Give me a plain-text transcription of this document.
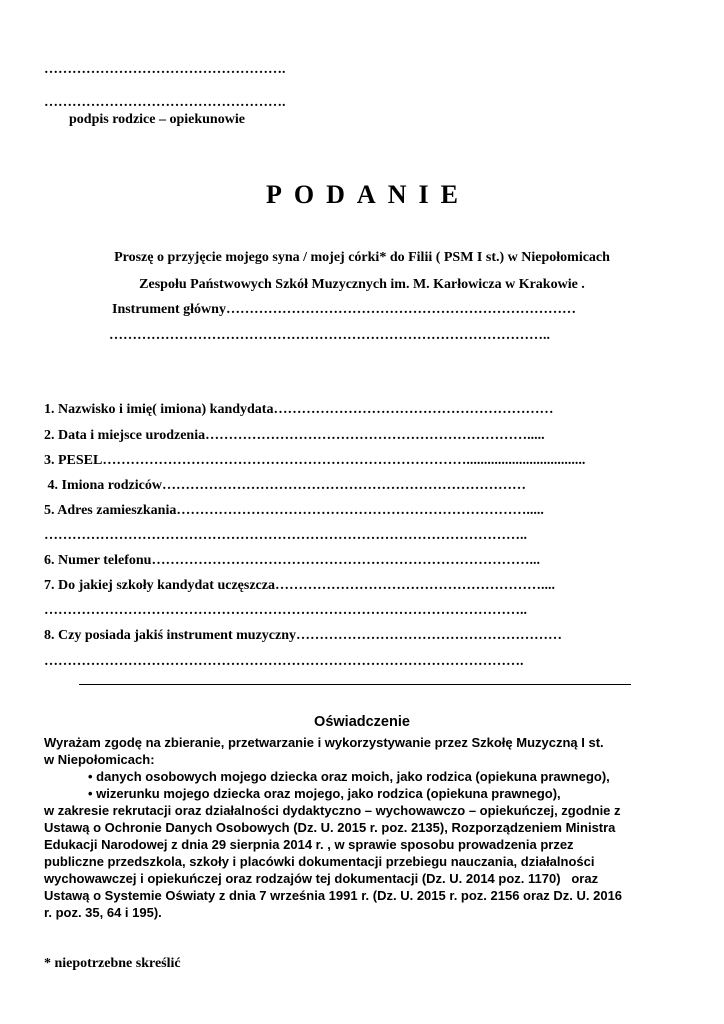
…………………………………………….
…………………………………………….
podpis rodzice – opiekunowie
PODANIE
Proszę o przyjęcie mojego syna / mojej córki* do Filii ( PSM I st.) w Niepołomicach
Zespołu Państwowych Szkół Muzycznych im. M. Karłowicza w Krakowie .
Instrument główny…………………………………………………………………
…………………………………………………………………………………..
1. Nazwisko i imię( imiona) kandydata……………………………………………………
2. Data i miejsce urodzenia…………………………………………………………….....
3. PESEL……………………………………………………………………..................................
4. Imiona rodziców……………………………………………………………………
5. Adres zamieszkania………………………………………………………………….....
…………………………………………………………………………………………..
6. Numer telefonu………………………………………………………………………...
7. Do jakiej szkoły kandydat uczęszcza…………………………………………………....
…………………………………………………………………………………………..
8. Czy posiada jakiś instrument muzyczny…………………………………………………
………………………………………………………………………………………….
Oświadczenie
Wyrażam zgodę na zbieranie, przetwarzanie i wykorzystywanie przez Szkołę Muzyczną I st.
w Niepołomicach:
• danych osobowych mojego dziecka oraz moich, jako rodzica (opiekuna prawnego),
• wizerunku mojego dziecka oraz mojego, jako rodzica (opiekuna prawnego),
w zakresie rekrutacji oraz działalności dydaktyczno – wychowawczo – opiekuńczej, zgodnie z
Ustawą o Ochronie Danych Osobowych (Dz. U. 2015 r. poz. 2135), Rozporządzeniem Ministra
Edukacji Narodowej z dnia 29 sierpnia 2014 r. , w sprawie sposobu prowadzenia przez
publiczne przedszkola, szkoły i placówki dokumentacji przebiegu nauczania, działalności
wychowawczej i opiekuńczej oraz rodzajów tej dokumentacji (Dz. U. 2014 poz. 1170)   oraz
Ustawą o Systemie Oświaty z dnia 7 września 1991 r. (Dz. U. 2015 r. poz. 2156 oraz Dz. U. 2016
r. poz. 35, 64 i 195).
* niepotrzebne skreślić
